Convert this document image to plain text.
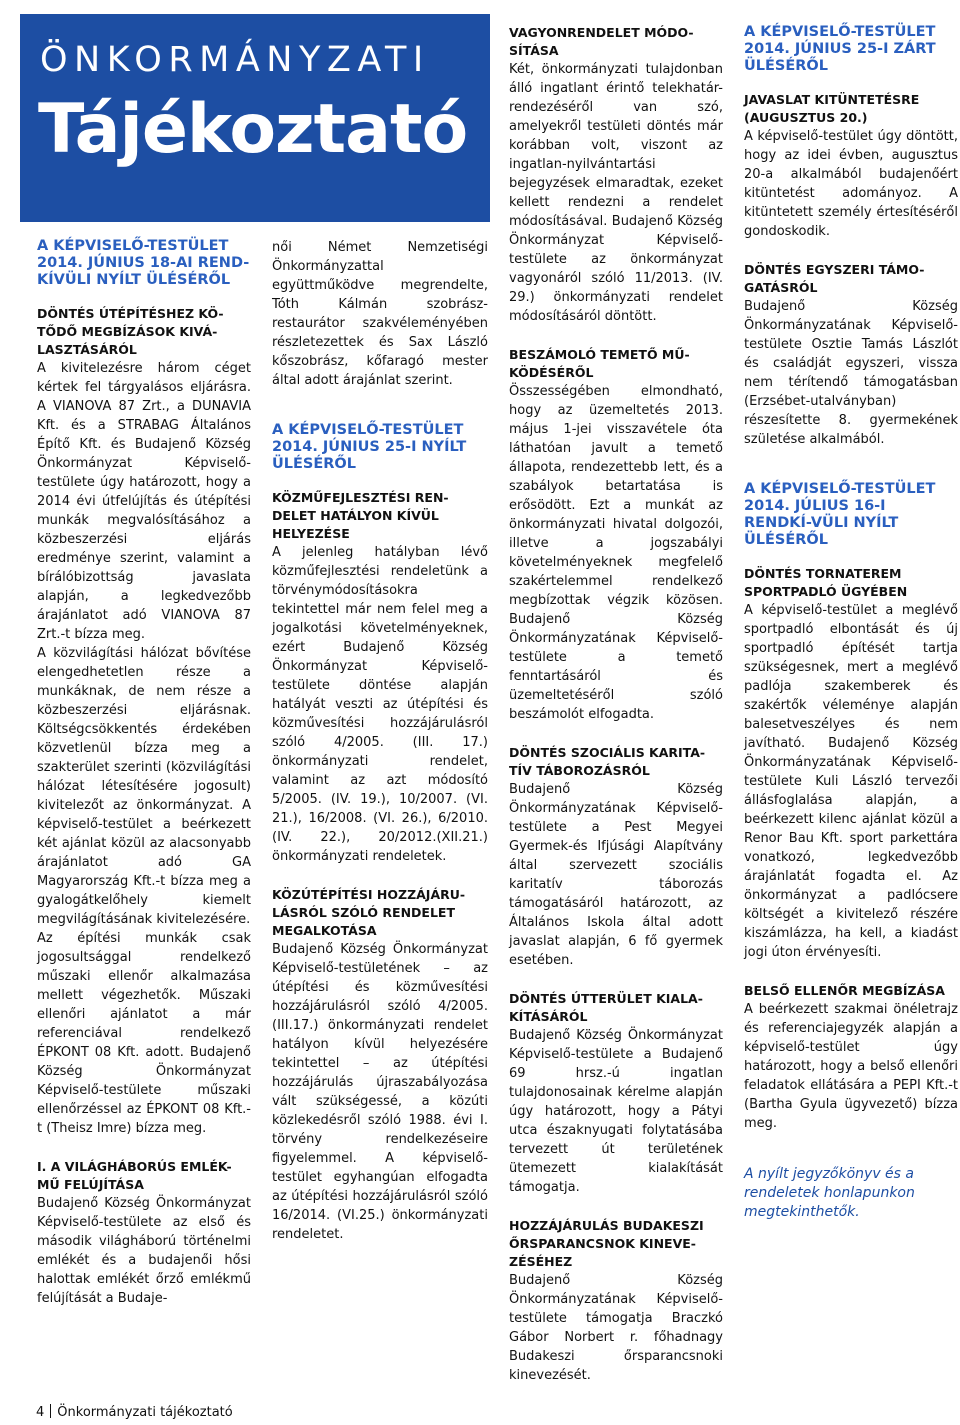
ÖNKORMÁNYZATI
Tájékoztató
A KÉPVISELŐ-TESTÜLET 2014. JÚNIUS 18-AI REND-KÍVÜLI NYÍLT ÜLÉSÉRŐL
DÖNTÉS ÚTÉPÍTÉSHEZ KÖ-TŐDŐ MEGBÍZÁSOK KIVÁ-LASZTÁSÁRÓL

A kivitelezésre három céget kértek fel tárgyalásos eljárásra. A VIANOVA 87 Zrt., a DUNAVIA Kft. és a STRABAG Általános Építő Kft. és Budajenő Község Önkormányzat Képviselő-testülete úgy határozott, hogy a 2014 évi útfelújítás és útépítési munkák megvalósításához a közbeszerzési eljárás eredménye szerint, valamint a bírálóbizottság javaslata alapján, a legkedvezőbb árajánlatot adó VIANOVA 87 Zrt.-t bízza meg.

A közvilágítási hálózat bővítése elengedhetetlen része a munkáknak, de nem része a közbeszerzési eljárásnak. Költségcsökkentés érdekében közvetlenül bízza meg a szakterület szerinti (közvilágítási hálózat létesítésére jogosult) kivitelezőt az önkormányzat. A képviselő-testület a beérkezett két ajánlat közül az alacsonyabb árajánlatot adó GA Magyarország Kft.-t bízza meg a gyalogátkelőhely kiemelt megvilágításának kivitelezésére.

Az építési munkák csak jogosultsággal rendelkező műszaki ellenőr alkalmazása mellett végezhetők. Műszaki ellenőri ajánlatot a már referenciával rendelkező ÉPKONT 08 Kft. adott. Budajenő Község Önkormányzat Képviselő-testülete műszaki ellenőrzéssel az ÉPKONT 08 Kft.-t (Theisz Imre) bízza meg.

I. A VILÁGHÁBORÚS EMLÉK-MŰ FELÚJÍTÁSA

Budajenő Község Önkormányzat Képviselő-testülete az első és második világháború történelmi emlékét és a budajenői hősi halottak emlékét őrző emlékmű felújítását a Budaje-

női Német Nemzetiségi Önkormányzattal együttműködve megrendelte, Tóth Kálmán szobrász-restaurátor szakvéleményében részletezettek és Sax László kőszobrász, kőfaragó mester által adott árajánlat szerint.

A KÉPVISELŐ-TESTÜLET 2014. JÚNIUS 25-I NYÍLT ÜLÉSÉRŐL
KÖZMŰFEJLESZTÉSI REN-DELET HATÁLYON KÍVÜL HELYEZÉSE

A jelenleg hatályban lévő közműfejlesztési rendeletünk a törvénymódosításokra tekintettel már nem felel meg a jogalkotási követelményeknek, ezért Budajenő Község Önkormányzat Képviselő-testülete döntése alapján hatályát veszti az útépítési és közművesítési hozzájárulásról szóló 4/2005. (III. 17.) önkormányzati rendelet, valamint az azt módosító 5/2005. (IV. 19.), 10/2007. (VI. 21.), 16/2008. (VI. 26.), 6/2010. (IV. 22.), 20/2012.(XII.21.) önkormányzati rendeletek.

KÖZÚTÉPÍTÉSI HOZZÁJÁRU-LÁSRÓL SZÓLÓ RENDELET MEGALKOTÁSA

Budajenő Község Önkormányzat Képviselő-testületének – az útépítési és közművesítési hozzájárulásról szóló 4/2005. (III.17.) önkormányzati rendelet hatályon kívül helyezésére tekintettel – az útépítési hozzájárulás újraszabályozása vált szükségessé, a közúti közlekedésről szóló 1988. évi I. törvény rendelkezéseire figyelemmel. A képviselő-testület egyhangúan elfogadta az útépítési hozzájárulásról szóló 16/2014. (VI.25.) önkormányzati rendeletet.

VAGYONRENDELET MÓDO-SÍTÁSA

Két, önkormányzati tulajdonban álló ingatlant érintő telekhatár-rendezéséről van szó, amelyekről testületi döntés már korábban volt, viszont az ingatlan-nyilvántartási bejegyzések elmaradtak, ezeket kellett rendezni a rendelet módosításával. Budajenő Község Önkormányzat Képviselő-testülete az önkormányzat vagyonáról szóló 11/2013. (IV. 29.) önkormányzati rendelet módosításáról döntött.

BESZÁMOLÓ TEMETŐ MŰ-KÖDÉSÉRŐL

Összességében elmondható, hogy az üzemeltetés 2013. május 1-jei visszavétele óta láthatóan javult a temető állapota, rendezettebb lett, és a szabályok betartatása is erősödött. Ezt a munkát az önkormányzati hivatal dolgozói, illetve a jogszabályi követelményeknek megfelelő szakértelemmel rendelkező megbízottak végzik közösen. Budajenő Község Önkormányzatának Képviselő-testülete a temető fenntartásáról és üzemeltetéséről szóló beszámolót elfogadta.

DÖNTÉS SZOCIÁLIS KARITA-TÍV TÁBOROZÁSRÓL

Budajenő Község Önkormányzatának Képviselő-testülete a Pest Megyei Gyermek-és Ifjúsági Alapítvány által szervezett szociális karitatív táborozás támogatásáról határozott, az Általános Iskola által adott javaslat alapján, 6 fő gyermek esetében.

DÖNTÉS ÚTTERÜLET KIALA-KÍTÁSÁRÓL

Budajenő Község Önkormányzat Képviselő-testülete a Budajenő 69 hrsz.-ú ingatlan tulajdonosainak kérelme alapján úgy határozott, hogy a Pátyi utca északnyugati folytatásába tervezett út területének ütemezett kialakítását támogatja.

HOZZÁJÁRULÁS BUDAKESZI ŐRSPARANCSNOK KINEVE-ZÉSÉHEZ

Budajenő Község Önkormányzatának Képviselő-testülete támogatja Braczkó Gábor Norbert r. főhadnagy Budakeszi őrsparancsnoki kinevezését.

A KÉPVISELŐ-TESTÜLET 2014. JÚNIUS 25-I ZÁRT ÜLÉSÉRŐL
JAVASLAT KITÜNTETÉSRE (AUGUSZTUS 20.)

A képviselő-testület úgy döntött, hogy az idei évben, augusztus 20-a alkalmából budajenőért kitüntetést adományoz. A kitüntetett személy értesítéséről gondoskodik.

DÖNTÉS EGYSZERI TÁMO-GATÁSRÓL

Budajenő Község Önkormányzatának Képviselő-testülete Osztie Tamás Lászlót és családját egyszeri, vissza nem térítendő támogatásban (Erzsébet-utalványban) részesítette 8. gyermekének születése alkalmából.

A KÉPVISELŐ-TESTÜLET 2014. JÚLIUS 16-I RENDKÍ-VÜLI NYÍLT ÜLÉSÉRŐL
DÖNTÉS TORNATEREM SPORTPADLÓ ÜGYÉBEN

A képviselő-testület a meglévő sportpadló elbontását és új sportpadló építését tartja szükségesnek, mert a meglévő padlója szakemberek és szakértők véleménye alapján balesetveszélyes és nem javítható. Budajenő Község Önkormányzatának Képviselő-testülete Kuli László tervezői állásfoglalása alapján, a beérkezett kilenc ajánlat közül a Renor Bau Kft. sport parkettára vonatkozó, legkedvezőbb árajánlatát fogadta el. Az önkormányzat a padlócsere költségét a kivitelező részére kiszámlázza, ha kell, a kiadást jogi úton érvényesíti.

BELSŐ ELLENŐR MEGBÍZÁSA

A beérkezett szakmai önéletrajz és referenciajegyzék alapján a képviselő-testület úgy határozott, hogy a belső ellenőri feladatok ellátására a PEPI Kft.-t (Bartha Gyula ügyvezető) bízza meg.

A nyílt jegyzőkönyv és a rendeletek honlapunkon megtekinthetők.

4 Önkormányzati tájékoztató
